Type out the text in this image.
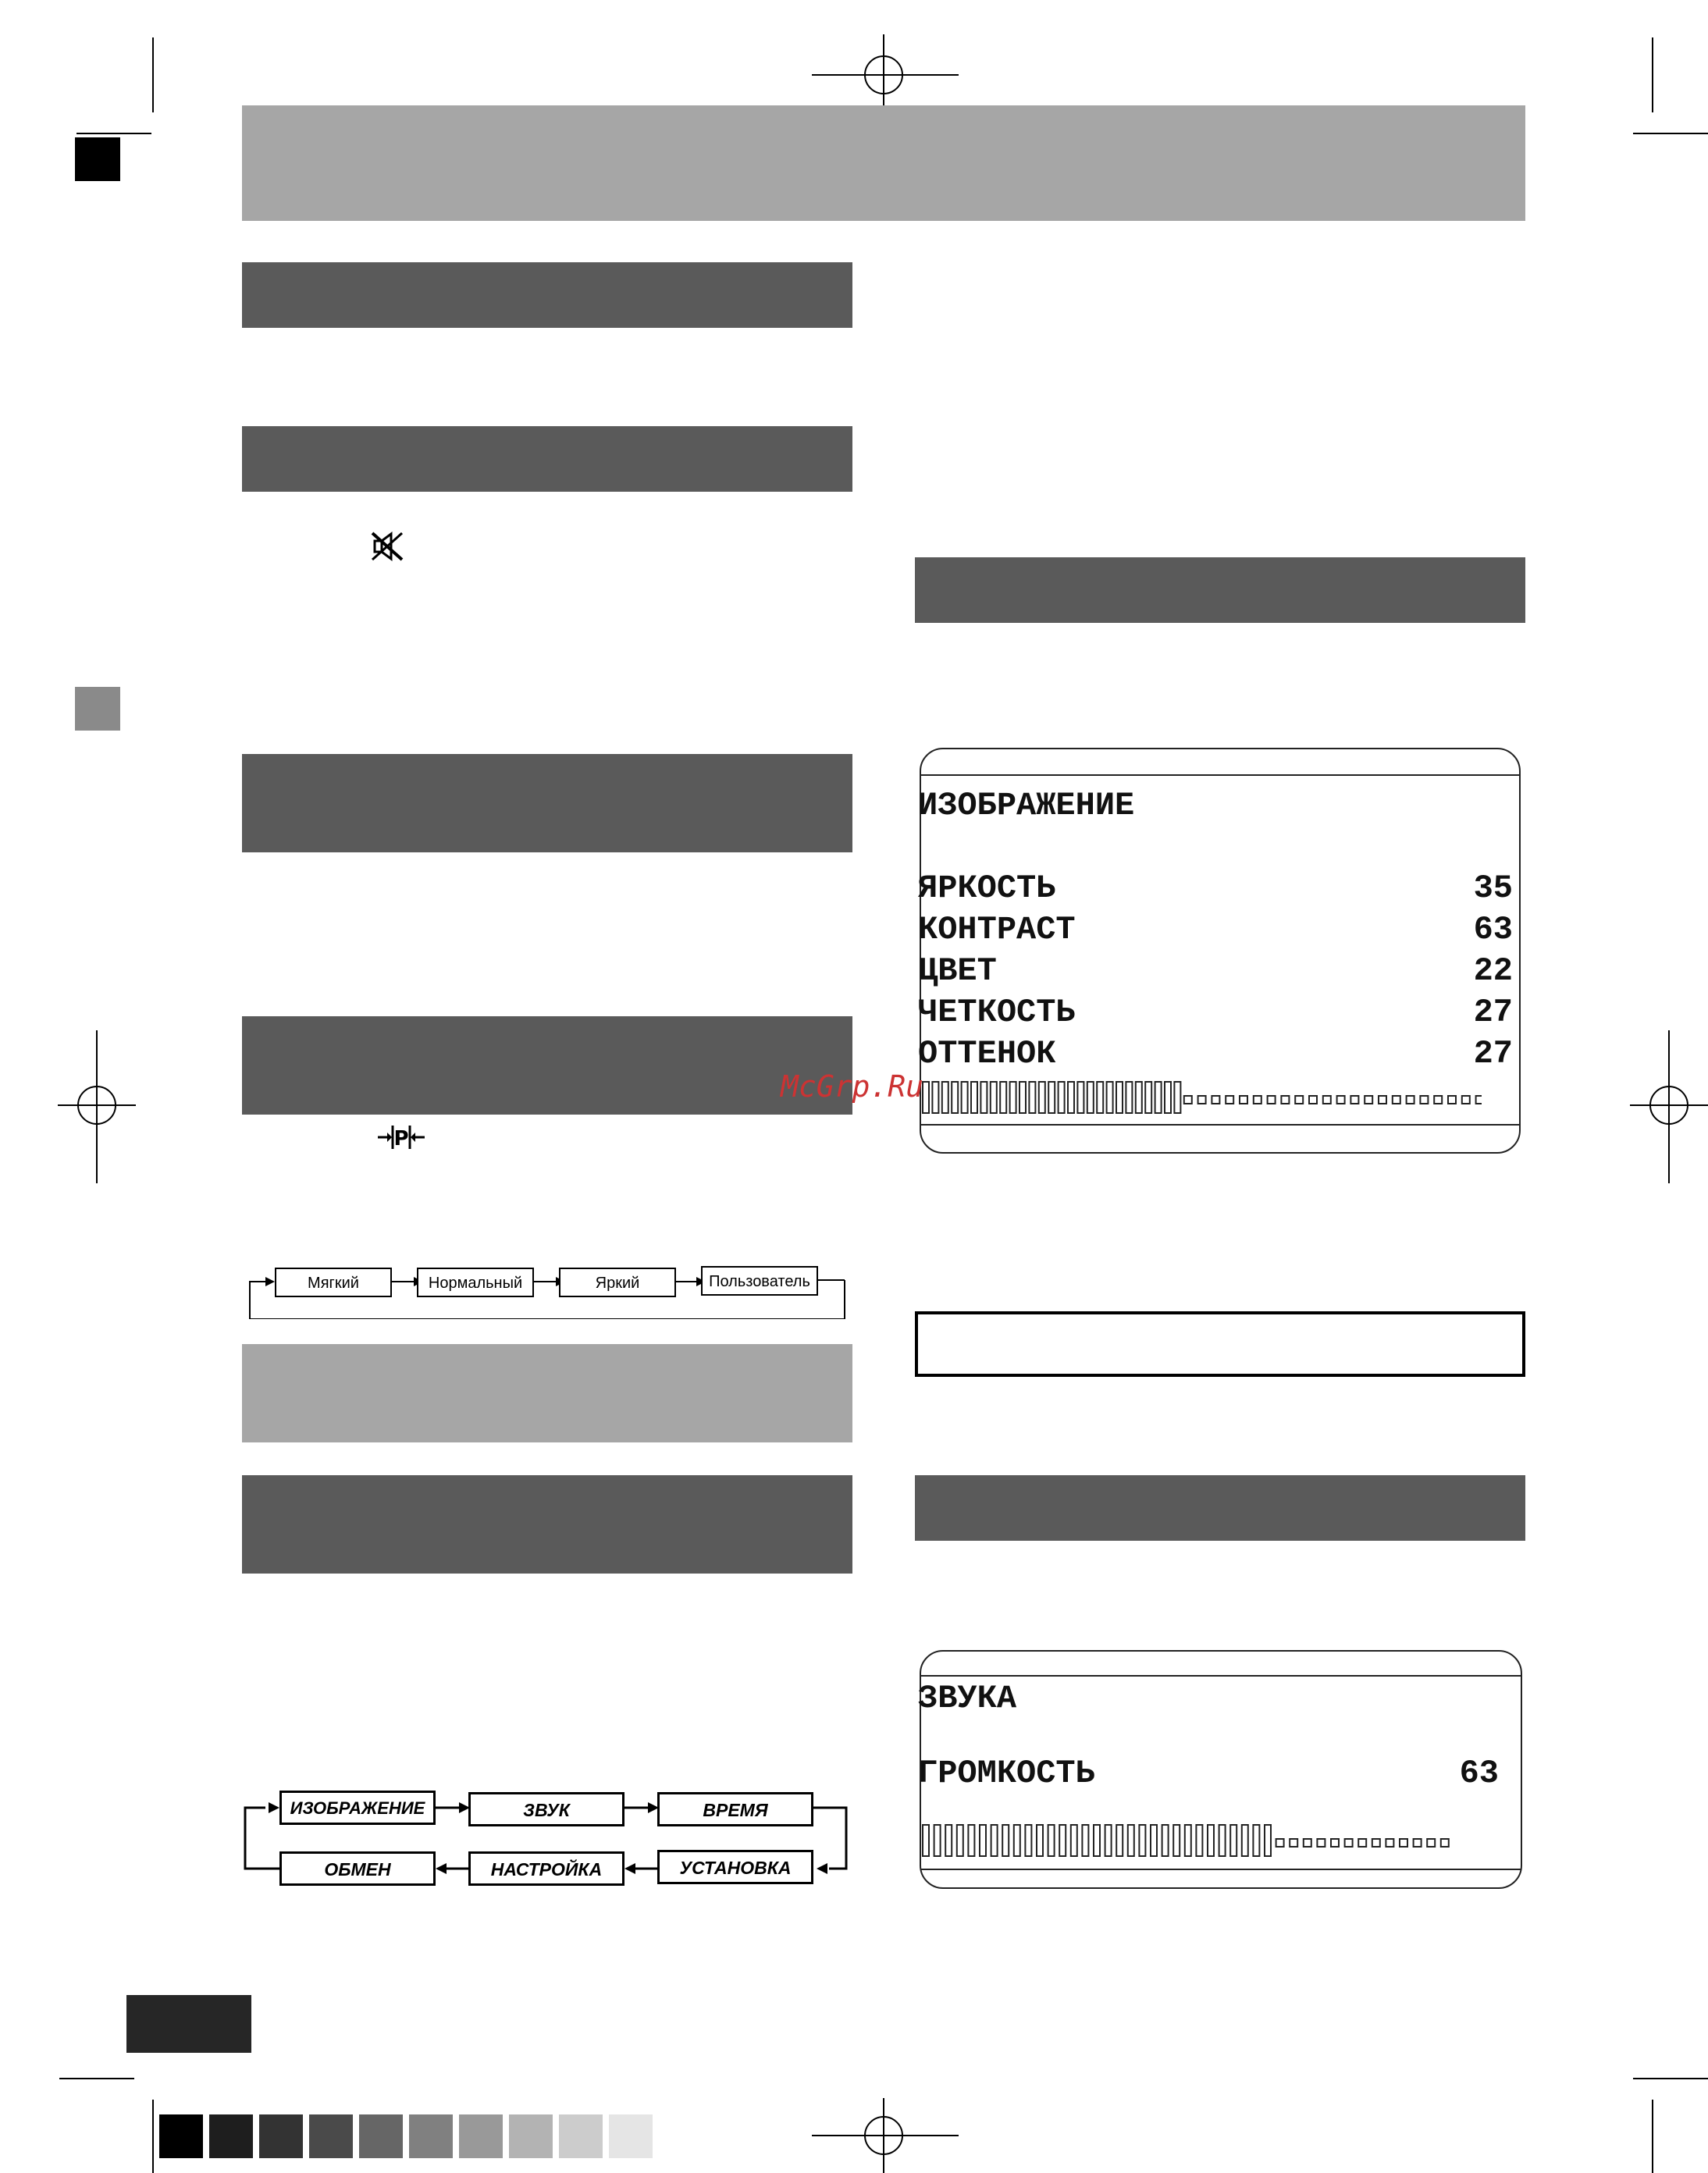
P
Мягкий	Нормальный	Яркий	Пользователь
ИЗОБРАЖЕНИЕ	ЗВУК	ВРЕМЯ
ОБМЕН	НАСТРОЙКА	УСТАНОВКА
ИЗОБРАЖЕНИЕ
ЯРКОСТЬ	35
КОНТРАСТ	63
ЦВЕТ	22
ЧЕТКОСТЬ	27
ОТТЕНОК	27
ЗВУКА
ГРОМКОСТЬ	63
McGrp.Ru
